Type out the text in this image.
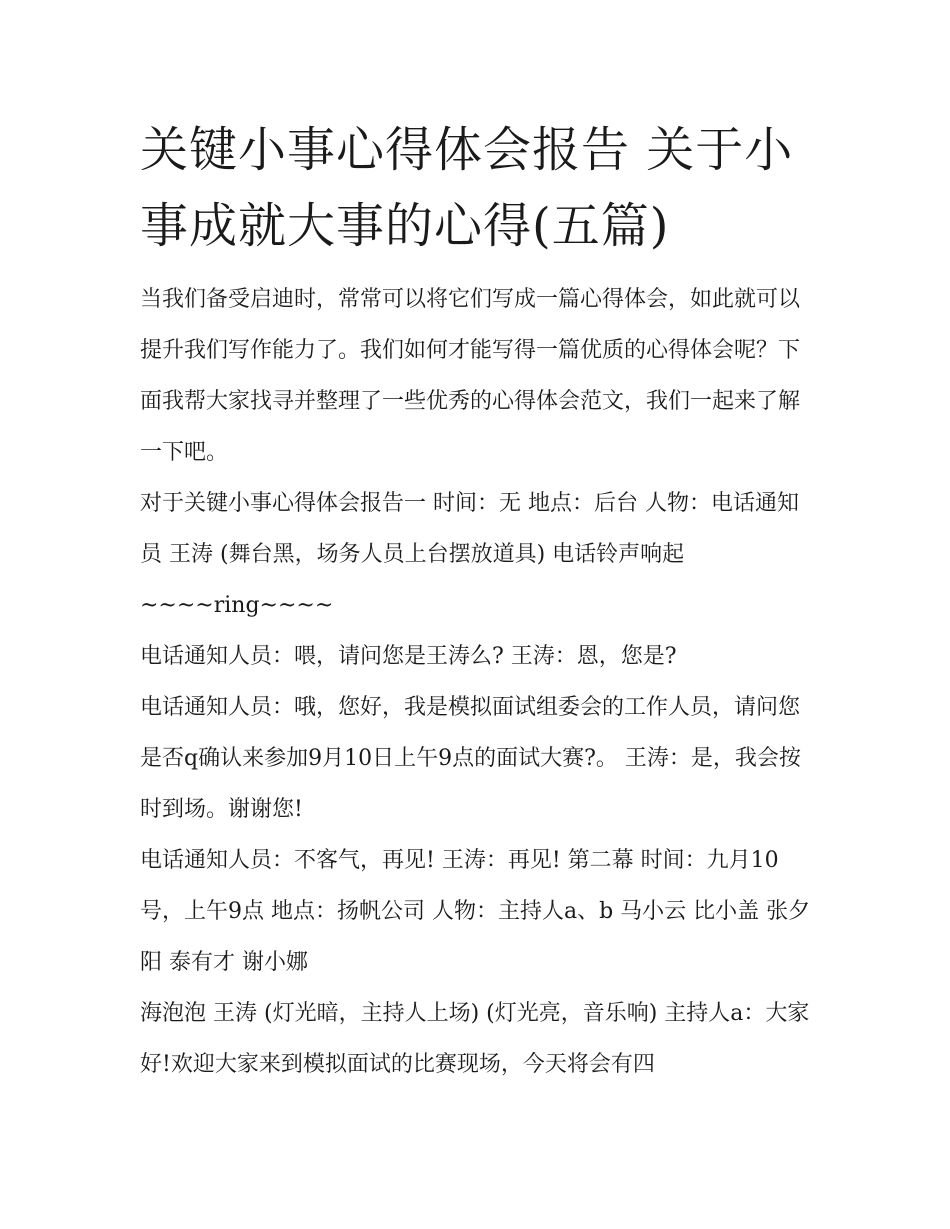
关键小事心得体会报告 关于小事成就大事的心得(五篇)

当我们备受启迪时，常常可以将它们写成一篇心得体会，如此就可以提升我们写作能力了。我们如何才能写得一篇优质的心得体会呢？下面我帮大家找寻并整理了一些优秀的心得体会范文，我们一起来了解一下吧。

对于关键小事心得体会报告一 时间：无 地点：后台 人物：电话通知员 王涛 (舞台黑，场务人员上台摆放道具) 电话铃声响起~~~~ring~~~~

电话通知人员：喂，请问您是王涛么? 王涛：恩，您是?

电话通知人员：哦，您好，我是模拟面试组委会的工作人员，请问您是否q确认来参加9月10日上午9点的面试大赛?。 王涛：是，我会按时到场。谢谢您!

电话通知人员：不客气，再见! 王涛：再见! 第二幕 时间：九月10号，上午9点 地点：扬帆公司 人物：主持人a、b 马小云 比小盖 张夕阳 泰有才 谢小娜

海泡泡 王涛 (灯光暗，主持人上场) (灯光亮，音乐响) 主持人a：大家好!欢迎大家来到模拟面试的比赛现场，今天将会有四
